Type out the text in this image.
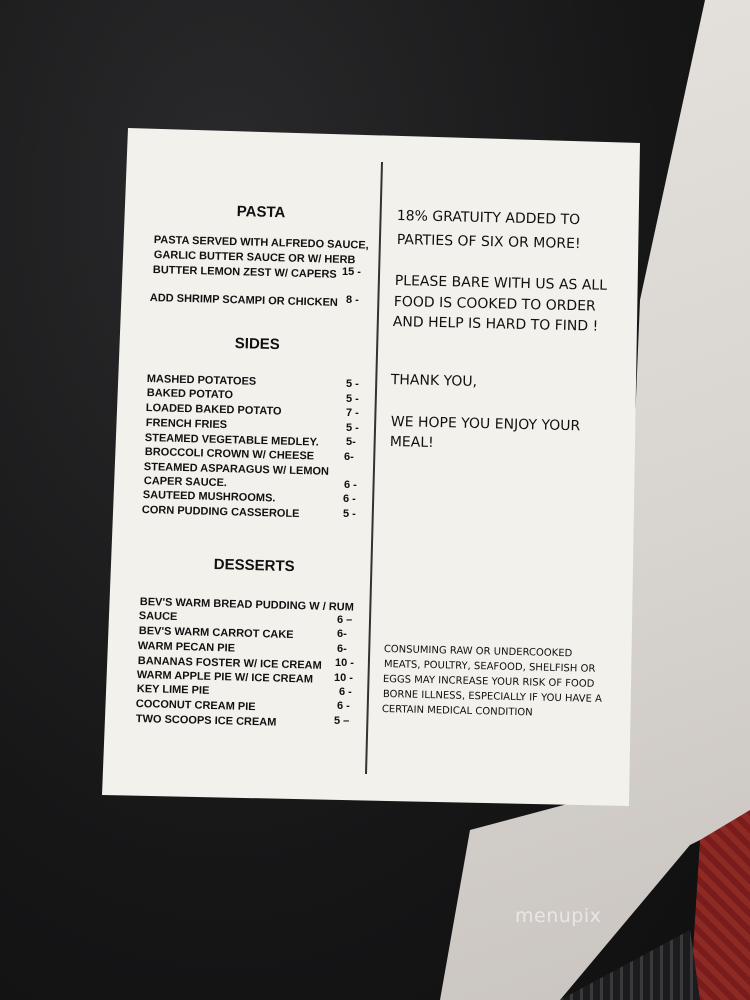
PASTA
PASTA SERVED WITH ALFREDO SAUCE,
GARLIC BUTTER SAUCE OR W/ HERB
BUTTER LEMON ZEST W/ CAPERS 15 -
ADD SHRIMP SCAMPI OR CHICKEN 8 -
SIDES
MASHED POTATOES	5 -
BAKED POTATO	5 -
LOADED BAKED POTATO	7 -
FRENCH FRIES	5 -
STEAMED VEGETABLE MEDLEY. 5-
BROCCOLI CROWN W/ CHEESE	6-
STEAMED ASPARAGUS W/ LEMON
CAPER SAUCE.	6 -
SAUTEED MUSHROOMS.	6 -
CORN PUDDING CASSEROLE	5 -
DESSERTS
BEV'S WARM BREAD PUDDING W / RUM
SAUCE	6 –
BEV'S WARM CARROT CAKE	6-
WARM PECAN PIE	6-
BANANAS FOSTER W/ ICE CREAM 10 -
WARM APPLE PIE W/ ICE CREAM 10 -
KEY LIME PIE	6 -
COCONUT CREAM PIE	6 -
TWO SCOOPS ICE CREAM	5 –
18% GRATUITY ADDED TO
PARTIES OF SIX OR MORE!
PLEASE BARE WITH US AS ALL
FOOD IS COOKED TO ORDER
AND HELP IS HARD TO FIND !
THANK YOU,
WE HOPE YOU ENJOY YOUR
MEAL!
CONSUMING RAW OR UNDERCOOKED
MEATS, POULTRY, SEAFOOD, SHELFISH OR
EGGS MAY INCREASE YOUR RISK OF FOOD
BORNE ILLNESS, ESPECIALLY IF YOU HAVE A
CERTAIN MEDICAL CONDITION
menupix
